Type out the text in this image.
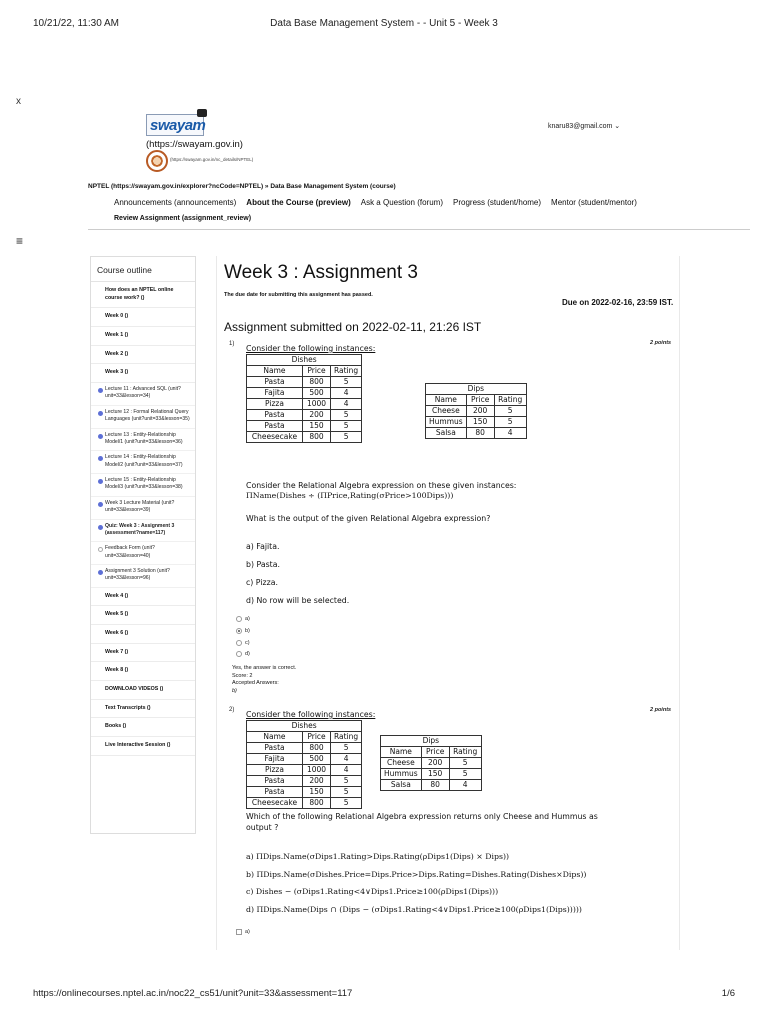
10/21/22, 11:30 AM	Data Base Management System - - Unit 5 - Week 3
x
swayam
(https://swayam.gov.in)
(https://swayam.gov.in/nc_details/NPTEL)
knaru83@gmail.com ⌄
NPTEL (https://swayam.gov.in/explorer?ncCode=NPTEL) » Data Base Management System (course)
Announcements (announcements) About the Course (preview) Ask a Question (forum) Progress (student/home) Mentor (student/mentor)
Review Assignment (assignment_review)
≡
Course outline
How does an NPTEL online course work? ()
Week 0 ()
Week 1 ()
Week 2 ()
Week 3 ()
Lecture 11 : Advanced SQL (unit?unit=33&lesson=34)
Lecture 12 : Formal Relational Query Languages (unit?unit=33&lesson=35)
Lecture 13 : Entity-Relationship Model/1 (unit?unit=33&lesson=36)
Lecture 14 : Entity-Relationship Model/2 (unit?unit=33&lesson=37)
Lecture 15 : Entity-Relationship Model/3 (unit?unit=33&lesson=38)
Week 3 Lecture Material (unit?unit=33&lesson=39)
Quiz: Week 3 : Assignment 3 (assessment?name=117)
Feedback Form (unit?unit=33&lesson=40)
Assignment 3 Solution (unit?unit=33&lesson=96)
Week 4 ()
Week 5 ()
Week 6 ()
Week 7 ()
Week 8 ()
DOWNLOAD VIDEOS ()
Text Transcripts ()
Books ()
Live Interactive Session ()
Week 3 : Assignment 3
The due date for submitting this assignment has passed.
Due on 2022-02-16, 23:59 IST.
Assignment submitted on 2022-02-11, 21:26 IST
1)	2 points
Consider the following instances:
Dishes		
Name	Price	Rating
Pasta	800	5
Fajita	500	4
Pizza	1000	4
Pasta	200	5
Pasta	150	5
Cheesecake	800	5
Dips		
Name	Price	Rating
Cheese	200	5
Hummus	150	5
Salsa	80	4
Consider the Relational Algebra expression on these given instances:
ΠName(Dishes ÷ (ΠPrice,Rating(σPrice>100Dips)))
What is the output of the given Relational Algebra expression?
a) Fajita.
b) Pasta.
c) Pizza.
d) No row will be selected.
a)
b)
c)
d)
Yes, the answer is correct.
Score: 2
Accepted Answers:
b)
2)	2 points
Consider the following instances:
Dishes		
Name	Price	Rating
Pasta	800	5
Fajita	500	4
Pizza	1000	4
Pasta	200	5
Pasta	150	5
Cheesecake	800	5
Dips		
Name	Price	Rating
Cheese	200	5
Hummus	150	5
Salsa	80	4
Which of the following Relational Algebra expression returns only Cheese and Hummus as output ?
a) ΠDips.Name(σDips1.Rating>Dips.Rating(ρDips1(Dips) × Dips))
b) ΠDips.Name(σDishes.Price=Dips.Price>Dips.Rating=Dishes.Rating(Dishes×Dips))
c) Dishes − (σDips1.Rating<4∨Dips1.Price≥100(ρDips1(Dips)))
d) ΠDips.Name(Dips ∩ (Dips − (σDips1.Rating<4∨Dips1.Price≥100(ρDips1(Dips)))))
a)
https://onlinecourses.nptel.ac.in/noc22_cs51/unit?unit=33&assessment=117	1/6
